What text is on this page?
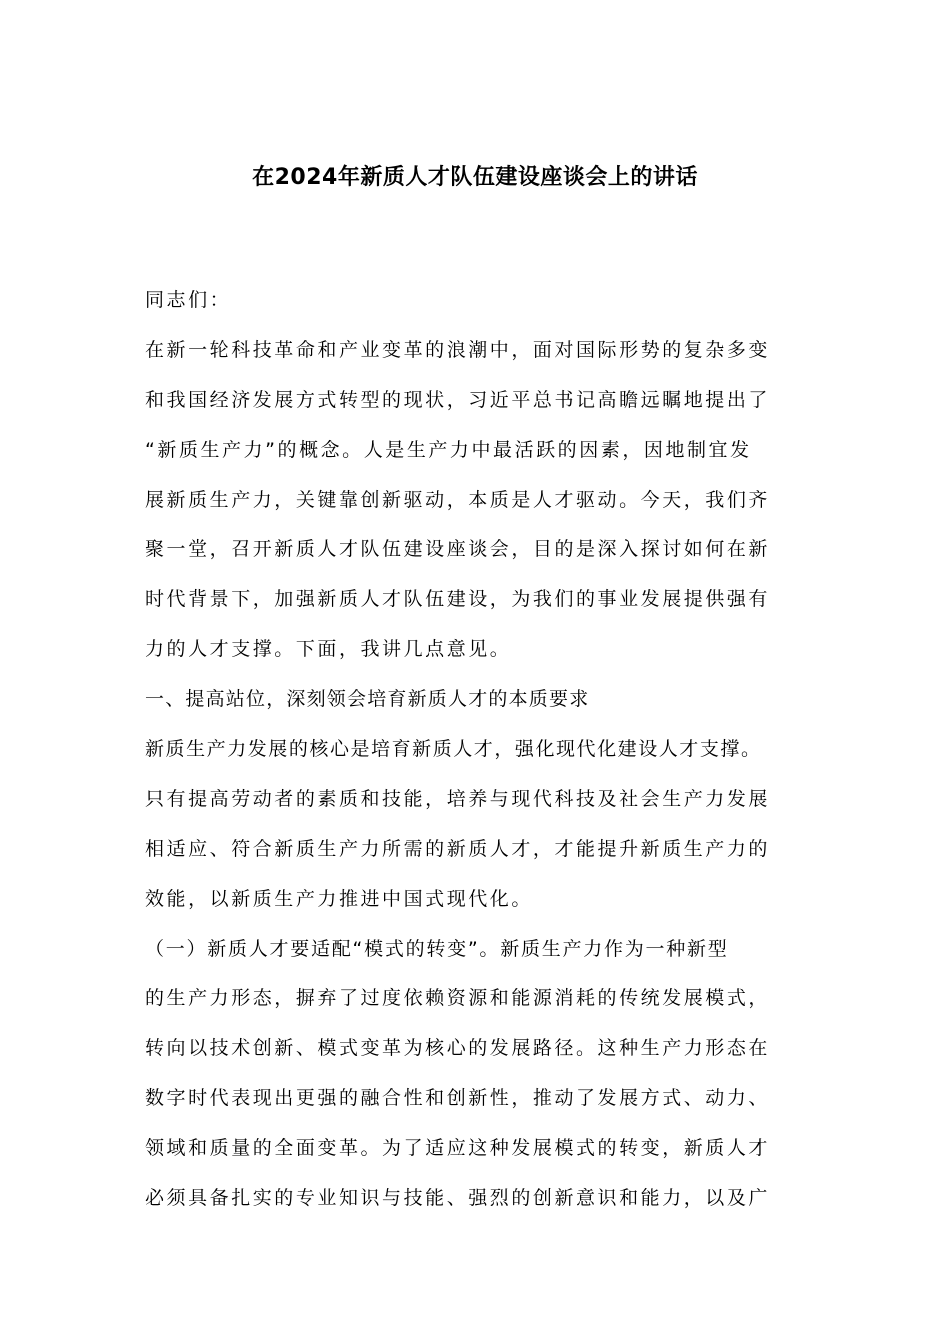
在2024年新质人才队伍建设座谈会上的讲话
同志们：
在新一轮科技革命和产业变革的浪潮中，面对国际形势的复杂多变
和我国经济发展方式转型的现状，习近平总书记高瞻远瞩地提出了
“新质生产力”的概念。人是生产力中最活跃的因素，因地制宜发
展新质生产力，关键靠创新驱动，本质是人才驱动。今天，我们齐
聚一堂，召开新质人才队伍建设座谈会，目的是深入探讨如何在新
时代背景下，加强新质人才队伍建设，为我们的事业发展提供强有
力的人才支撑。下面，我讲几点意见。
一、提高站位，深刻领会培育新质人才的本质要求
新质生产力发展的核心是培育新质人才，强化现代化建设人才支撑。
只有提高劳动者的素质和技能，培养与现代科技及社会生产力发展
相适应、符合新质生产力所需的新质人才，才能提升新质生产力的
效能，以新质生产力推进中国式现代化。
（一）新质人才要适配“模式的转变”。新质生产力作为一种新型
的生产力形态，摒弃了过度依赖资源和能源消耗的传统发展模式，
转向以技术创新、模式变革为核心的发展路径。这种生产力形态在
数字时代表现出更强的融合性和创新性，推动了发展方式、动力、
领域和质量的全面变革。为了适应这种发展模式的转变，新质人才
必须具备扎实的专业知识与技能、强烈的创新意识和能力，以及广
